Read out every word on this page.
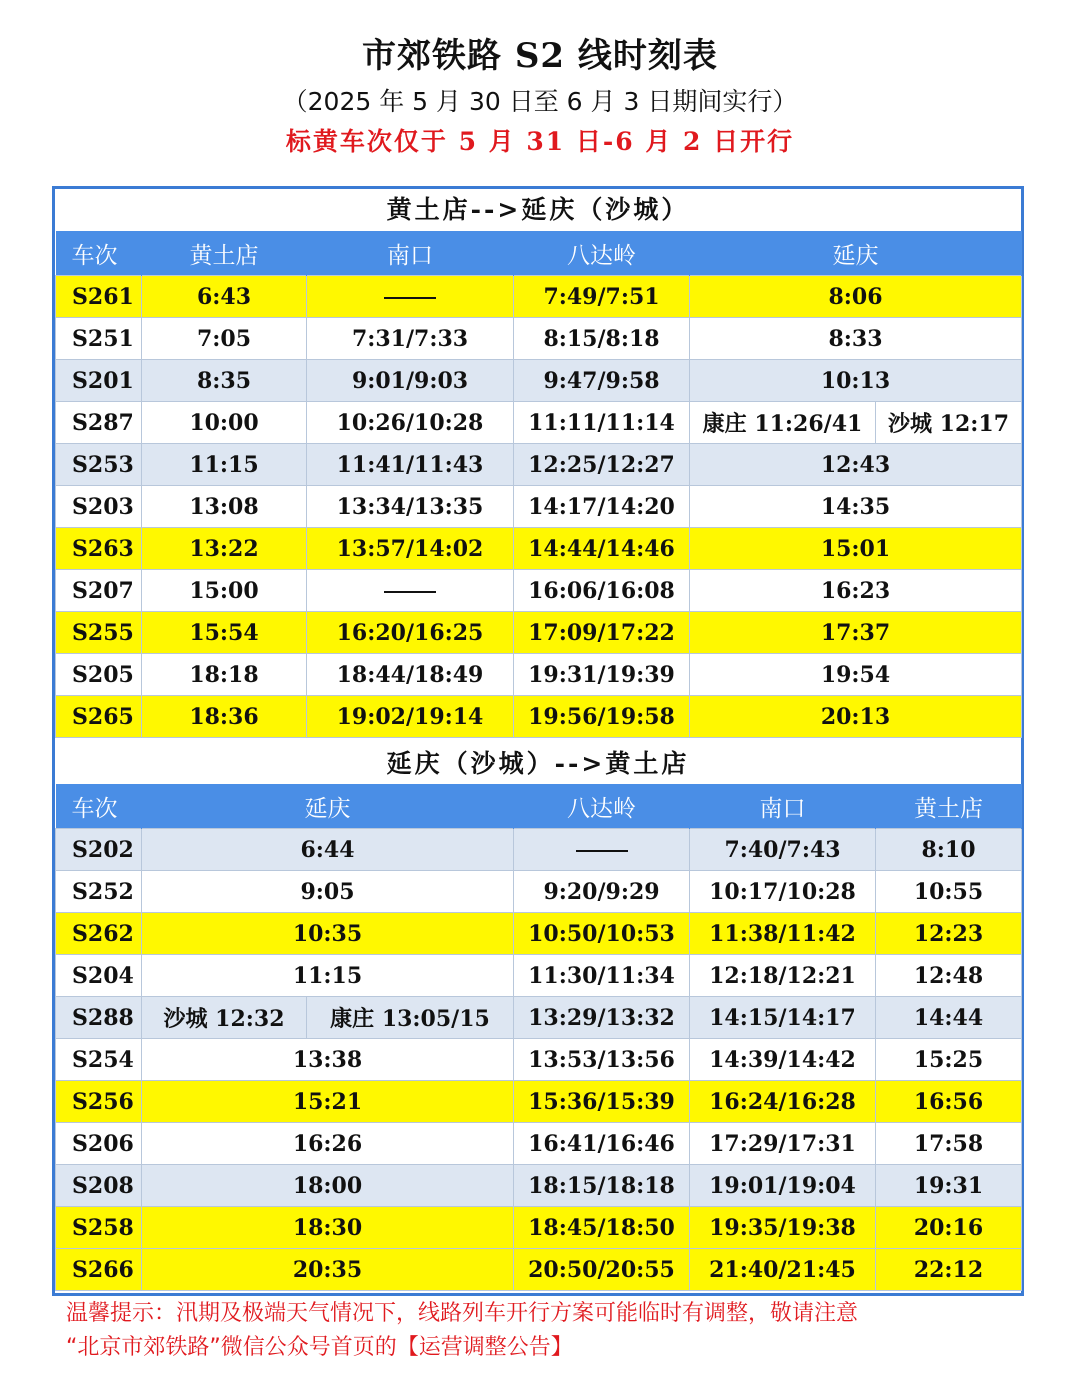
市郊铁路 S2 线时刻表
（2025 年 5 月 30 日至 6 月 3 日期间实行）
标黄车次仅于 5 月 31 日-6 月 2 日开行
黄土店-->延庆（沙城）
车次	黄土店	南口	八达岭	延庆	
S261	6:43		7:49/7:51	8:06	
S251	7:05	7:31/7:33	8:15/8:18	8:33	
S201	8:35	9:01/9:03	9:47/9:58	10:13	
S287	10:00	10:26/10:28	11:11/11:14	康庄 11:26/41	沙城 12:17
S253	11:15	11:41/11:43	12:25/12:27	12:43	
S203	13:08	13:34/13:35	14:17/14:20	14:35	
S263	13:22	13:57/14:02	14:44/14:46	15:01	
S207	15:00		16:06/16:08	16:23	
S255	15:54	16:20/16:25	17:09/17:22	17:37	
S205	18:18	18:44/18:49	19:31/19:39	19:54	
S265	18:36	19:02/19:14	19:56/19:58	20:13	
延庆（沙城）-->黄土店
车次	延庆		八达岭	南口	黄土店
S202	6:44			7:40/7:43	8:10
S252	9:05		9:20/9:29	10:17/10:28	10:55
S262	10:35		10:50/10:53	11:38/11:42	12:23
S204	11:15		11:30/11:34	12:18/12:21	12:48
S288	沙城 12:32	康庄 13:05/15	13:29/13:32	14:15/14:17	14:44
S254	13:38		13:53/13:56	14:39/14:42	15:25
S256	15:21		15:36/15:39	16:24/16:28	16:56
S206	16:26		16:41/16:46	17:29/17:31	17:58
S208	18:00		18:15/18:18	19:01/19:04	19:31
S258	18:30		18:45/18:50	19:35/19:38	20:16
S266	20:35		20:50/20:55	21:40/21:45	22:12
温馨提示：汛期及极端天气情况下，线路列车开行方案可能临时有调整，敬请注意
“北京市郊铁路”微信公众号首页的【运营调整公告】
